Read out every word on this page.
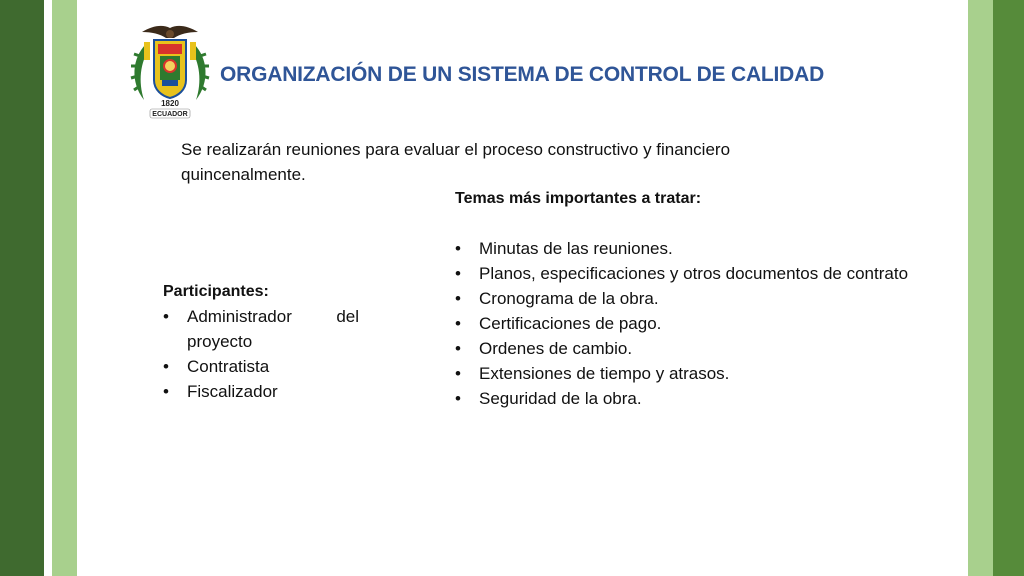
1820
ECUADOR
ORGANIZACIÓN DE UN SISTEMA DE CONTROL DE CALIDAD
Se realizarán reuniones para evaluar el proceso constructivo y financiero quincenalmente.
Temas más importantes a tratar:
•	Minutas de las reuniones.
•	Planos, especificaciones y otros documentos de contrato
•	Cronograma de la obra.
•	Certificaciones de pago.
•	Ordenes de cambio.
•	Extensiones de tiempo y atrasos.
•	Seguridad de la obra.
Participantes:
•	Administrador del proyecto
•	Contratista
•	Fiscalizador
